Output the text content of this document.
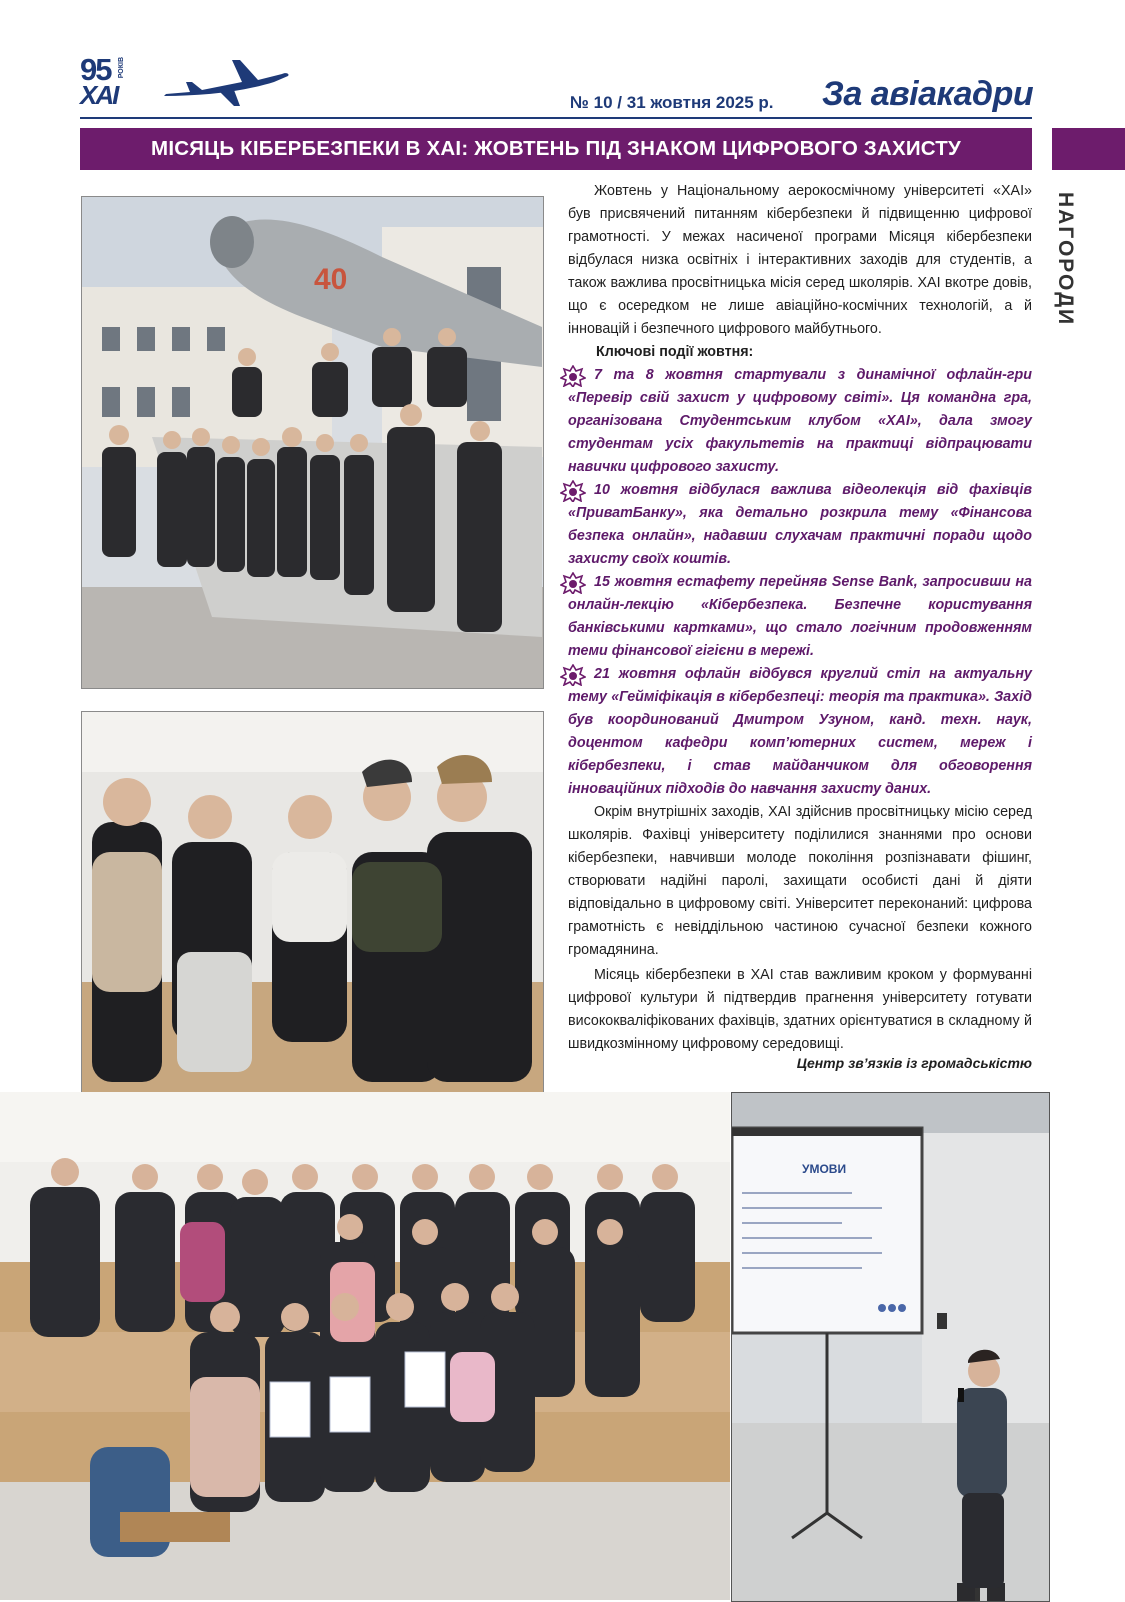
95 РОКІВ
ХАІ	№ 10 / 31 жовтня 2025 р. За авіакадри
МІСЯЦЬ КІБЕРБЕЗПЕКИ В ХАІ: ЖОВТЕНЬ ПІД ЗНАКОМ ЦИФРОВОГО ЗАХИСТУ
НАГОРОДИ
40

Жовтень у Національному аерокосмічному університеті «ХАІ» був присвячений питанням кібербезпеки й підвищенню цифрової грамотності. У межах насиченої програми Місяця кібербезпеки відбулася низка освітніх і інтерактивних заходів для студентів, а також важлива просвітницька місія серед школярів. ХАІ вкотре довів, що є осередком не лише авіаційно-космічних технологій, а й інновацій і безпечного цифрового майбутнього.

Ключові події жовтня:

7 та 8 жовтня стартували з динамічної офлайн-гри «Перевір свій захист у цифровому світі». Ця командна гра, організована Студентським клубом «ХАІ», дала змогу студентам усіх факультетів на практиці відпрацювати навички цифрового захисту.

10 жовтня відбулася важлива відеолекція від фахівців «ПриватБанку», яка детально розкрила тему «Фінансова безпека онлайн», надавши слухачам практичні поради щодо захисту своїх коштів.

15 жовтня естафету перейняв Sense Bank, запросивши на онлайн-лекцію «Кібербезпека. Безпечне користування банківськими картками», що стало логічним продовженням теми фінансової гігієни в мережі.

21 жовтня офлайн відбувся круглий стіл на актуальну тему «Гейміфікація в кібербезпеці: теорія та практика». Захід був координований Дмитром Узуном, канд. техн. наук, доцентом кафедри комп’ютерних систем, мереж і кібербезпеки, і став майданчиком для обговорення інноваційних підходів до навчання захисту даних.

Окрім внутрішніх заходів, ХАІ здійснив просвітницьку місію серед школярів. Фахівці університету поділилися знаннями про основи кібербезпеки, навчивши молоде покоління розпізнавати фішинг, створювати надійні паролі, захищати особисті дані й діяти відповідально в цифровому світі. Університет переконаний: цифрова грамотність є невіддільною частиною сучасної безпеки кожного громадянина.

Місяць кібербезпеки в ХАІ став важливим кроком у формуванні цифрової культури й підтвердив прагнення університету готувати висококваліфікованих фахівців, здатних орієнтуватися в складному й швидкозмінному цифровому середовищі.

Центр зв’язків із громадськістю
УМОВИ
